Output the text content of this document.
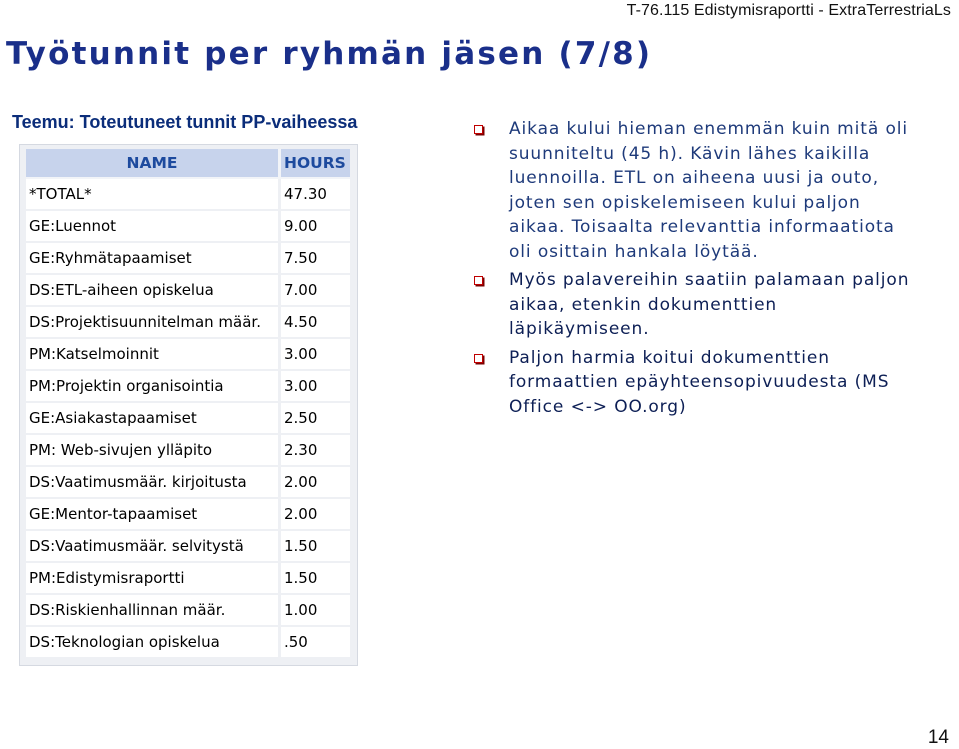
T-76.115 Edistymisraportti - ExtraTerrestriaLs
Työtunnit per ryhmän jäsen (7/8)
Teemu: Toteutuneet tunnit PP-vaiheessa
NAME	HOURS
*TOTAL*	47.30
GE:Luennot	9.00
GE:Ryhmätapaamiset	7.50
DS:ETL-aiheen opiskelua	7.00
DS:Projektisuunnitelman määr.	4.50
PM:Katselmoinnit	3.00
PM:Projektin organisointia	3.00
GE:Asiakastapaamiset	2.50
PM: Web-sivujen ylläpito	2.30
DS:Vaatimusmäär. kirjoitusta	2.00
GE:Mentor-tapaamiset	2.00
DS:Vaatimusmäär. selvitystä	1.50
PM:Edistymisraportti	1.50
DS:Riskienhallinnan määr.	1.00
DS:Teknologian opiskelua	.50
Aikaa kului hieman enemmän kuin mitä oli suunniteltu (45 h). Kävin lähes kaikilla luennoilla. ETL on aiheena uusi ja outo, joten sen opiskelemiseen kului paljon aikaa. Toisaalta relevanttia informaatiota oli osittain hankala löytää.
Myös palavereihin saatiin palamaan paljon aikaa, etenkin dokumenttien läpikäymiseen.
Paljon harmia koitui dokumenttien formaattien epäyhteensopivuudesta (MS Office <-> OO.org)
14
